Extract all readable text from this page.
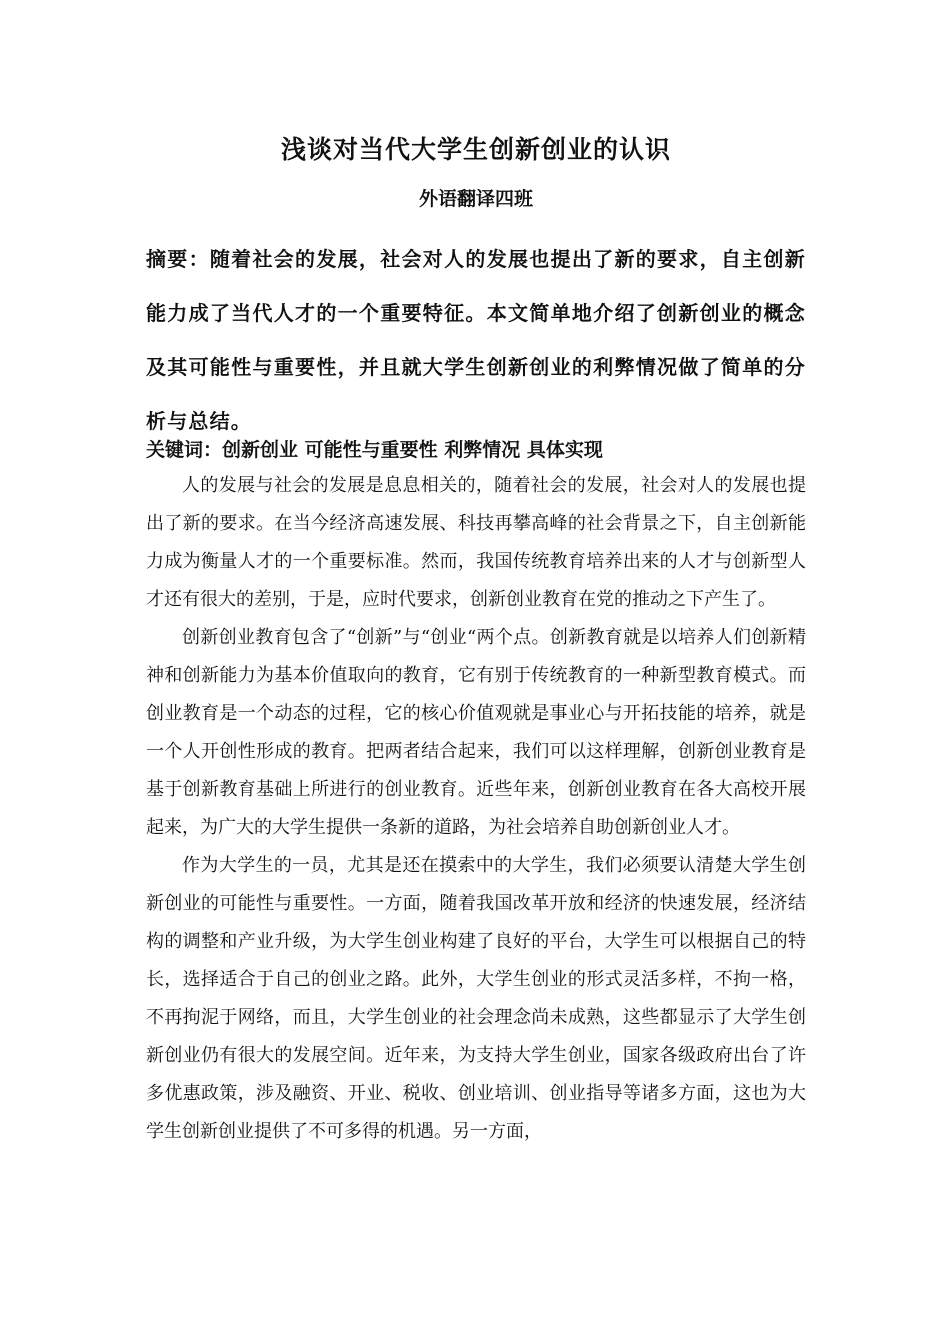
浅谈对当代大学生创新创业的认识
外语翻译四班

摘要：随着社会的发展，社会对人的发展也提出了新的要求，自主创新能力成了当代人才的一个重要特征。本文简单地介绍了创新创业的概念及其可能性与重要性，并且就大学生创新创业的利弊情况做了简单的分析与总结。

关键词：创新创业 可能性与重要性 利弊情况 具体实现

人的发展与社会的发展是息息相关的，随着社会的发展，社会对人的发展也提出了新的要求。在当今经济高速发展、科技再攀高峰的社会背景之下，自主创新能力成为衡量人才的一个重要标准。然而，我国传统教育培养出来的人才与创新型人才还有很大的差别，于是，应时代要求，创新创业教育在党的推动之下产生了。

创新创业教育包含了“创新”与“创业“两个点。创新教育就是以培养人们创新精神和创新能力为基本价值取向的教育，它有别于传统教育的一种新型教育模式。而创业教育是一个动态的过程，它的核心价值观就是事业心与开拓技能的培养，就是一个人开创性形成的教育。把两者结合起来，我们可以这样理解，创新创业教育是基于创新教育基础上所进行的创业教育。近些年来，创新创业教育在各大高校开展起来，为广大的大学生提供一条新的道路，为社会培养自助创新创业人才。

作为大学生的一员，尤其是还在摸索中的大学生，我们必须要认清楚大学生创新创业的可能性与重要性。一方面，随着我国改革开放和经济的快速发展，经济结构的调整和产业升级，为大学生创业构建了良好的平台，大学生可以根据自己的特长，选择适合于自己的创业之路。此外，大学生创业的形式灵活多样，不拘一格，不再拘泥于网络，而且，大学生创业的社会理念尚未成熟，这些都显示了大学生创新创业仍有很大的发展空间。近年来，为支持大学生创业，国家各级政府出台了许多优惠政策，涉及融资、开业、税收、创业培训、创业指导等诸多方面，这也为大学生创新创业提供了不可多得的机遇。另一方面，
